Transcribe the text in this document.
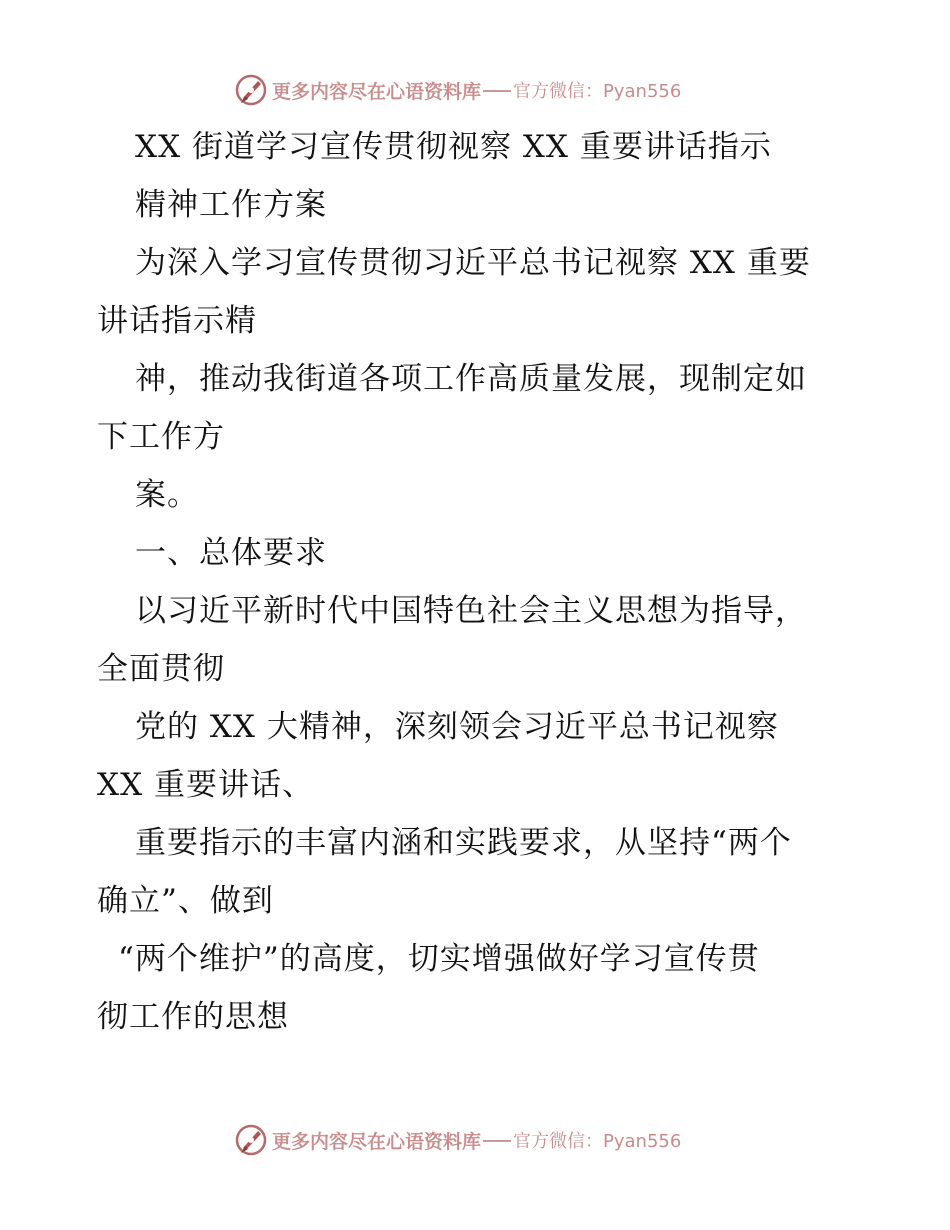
更多内容尽在心语资料库 官方微信：Pyan556
XX 街道学习宣传贯彻视察 XX 重要讲话指示
精神工作方案
为深入学习宣传贯彻习近平总书记视察 XX 重要
讲话指示精
神，推动我街道各项工作高质量发展，现制定如
下工作方
案。
一、总体要求
以习近平新时代中国特色社会主义思想为指导，
全面贯彻
党的 XX 大精神，深刻领会习近平总书记视察
XX 重要讲话、
重要指示的丰富内涵和实践要求，从坚持“两个
确立”、做到
“两个维护”的高度，切实增强做好学习宣传贯
彻工作的思想
更多内容尽在心语资料库 官方微信：Pyan556
